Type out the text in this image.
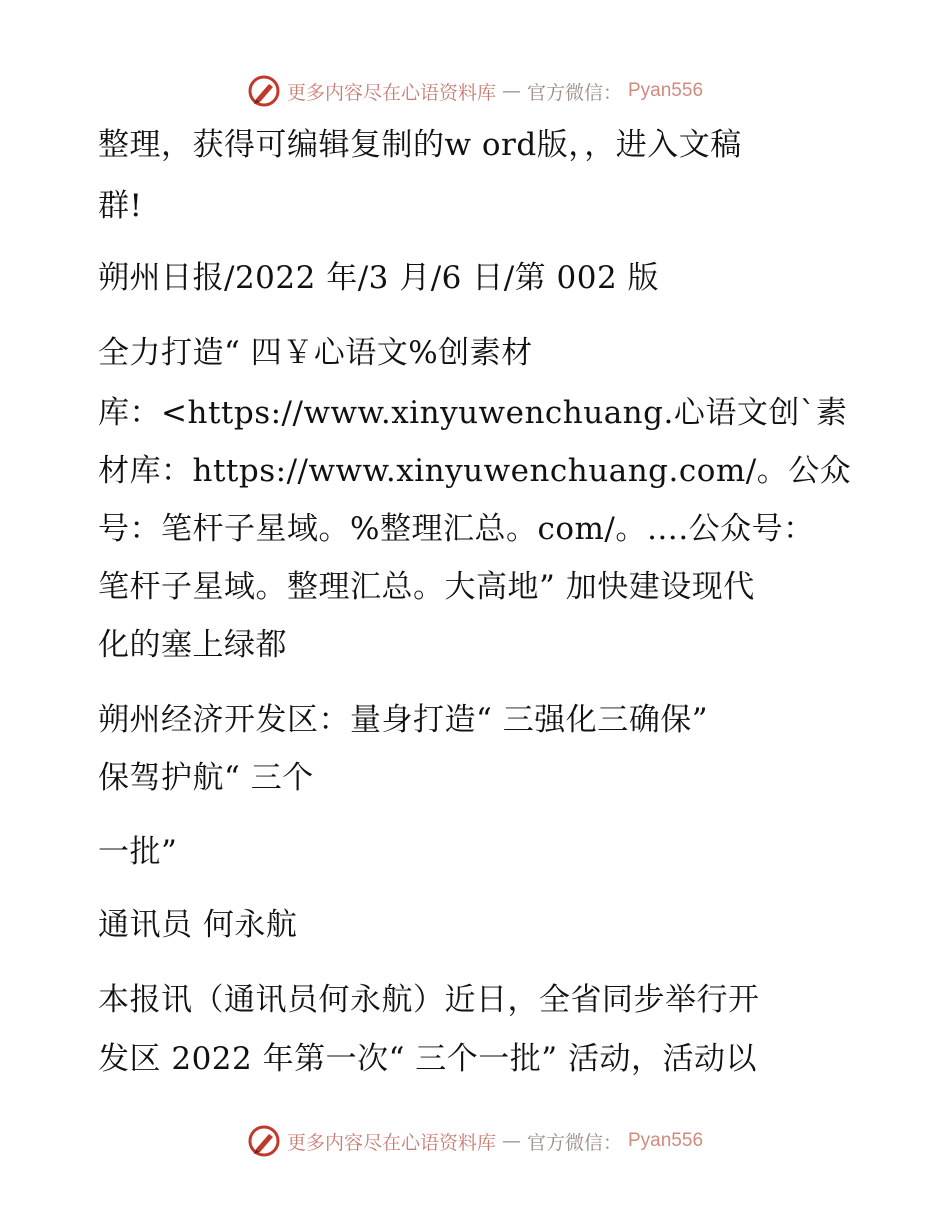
更多内容尽在心语资料库 — 官方微信： Pyan556
整理，获得可编辑复制的w ord版，，进入文稿
群!
朔州日报/2022 年/3 月/6 日/第 002 版
全力打造“ 四￥心语文%创素材
库：<https://www.xinyuwenchuang.心语文创`素
材库：https://www.xinyuwenchuang.com/。公众
号：笔杆子星域。%整理汇总。com/。….公众号：
笔杆子星域。整理汇总。大高地” 加快建设现代
化的塞上绿都
朔州经济开发区：量身打造“ 三强化三确保”
保驾护航“ 三个
一批”
通讯员 何永航
本报讯（通讯员何永航）近日，全省同步举行开
发区 2022 年第一次“ 三个一批” 活动，活动以
更多内容尽在心语资料库 — 官方微信： Pyan556
